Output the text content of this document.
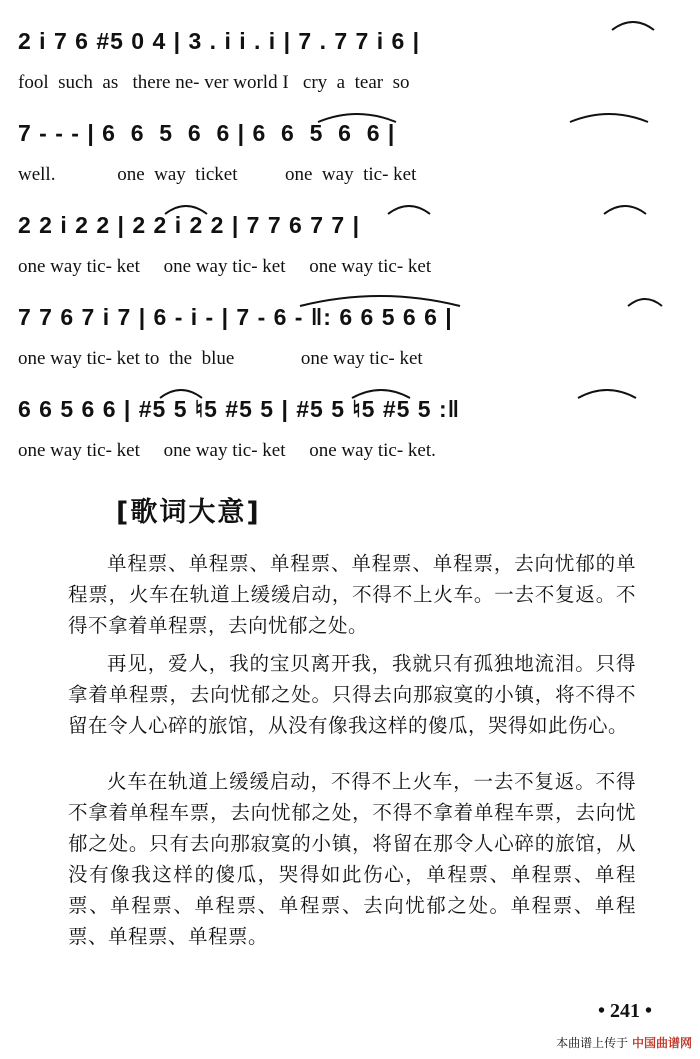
2 i 7 6 #5 0 4 | 3 . i i . i | 7 . 7 7 i 6 |
fool  such  as   there ne- ver world I   cry  a  tear  so
7 - - - | 6  6  5  6  6 | 6  6  5  6  6 |
well.             one  way  ticket          one  way  tic- ket
2 2 i 2 2 | 2 2 i 2 2 | 7 7 6 7 7 |
one way tic- ket     one way tic- ket     one way tic- ket
7 7 6 7 i 7 | 6 - i - | 7 - 6 - ‖: 6 6 5 6 6 |
one way tic- ket to  the  blue              one way tic- ket
6 6 5 6 6 | #5 5 ♮5 #5 5 | #5 5 ♮5 #5 5 :‖
one way tic- ket     one way tic- ket     one way tic- ket.
[歌词大意]

单程票、单程票、单程票、单程票、单程票，去向忧郁的单程票，火车在轨道上缓缓启动，不得不上火车。一去不复返。不得不拿着单程票，去向忧郁之处。

再见，爱人，我的宝贝离开我，我就只有孤独地流泪。只得拿着单程票，去向忧郁之处。只得去向那寂寞的小镇，将不得不留在令人心碎的旅馆，从没有像我这样的傻瓜，哭得如此伤心。

火车在轨道上缓缓启动，不得不上火车，一去不复返。不得不拿着单程车票，去向忧郁之处，不得不拿着单程车票，去向忧郁之处。只有去向那寂寞的小镇，将留在那令人心碎的旅馆，从没有像我这样的傻瓜，哭得如此伤心，单程票、单程票、单程票、单程票、单程票、单程票、去向忧郁之处。单程票、单程票、单程票、单程票。

• 241 •
本曲谱上传于 中国曲谱网
